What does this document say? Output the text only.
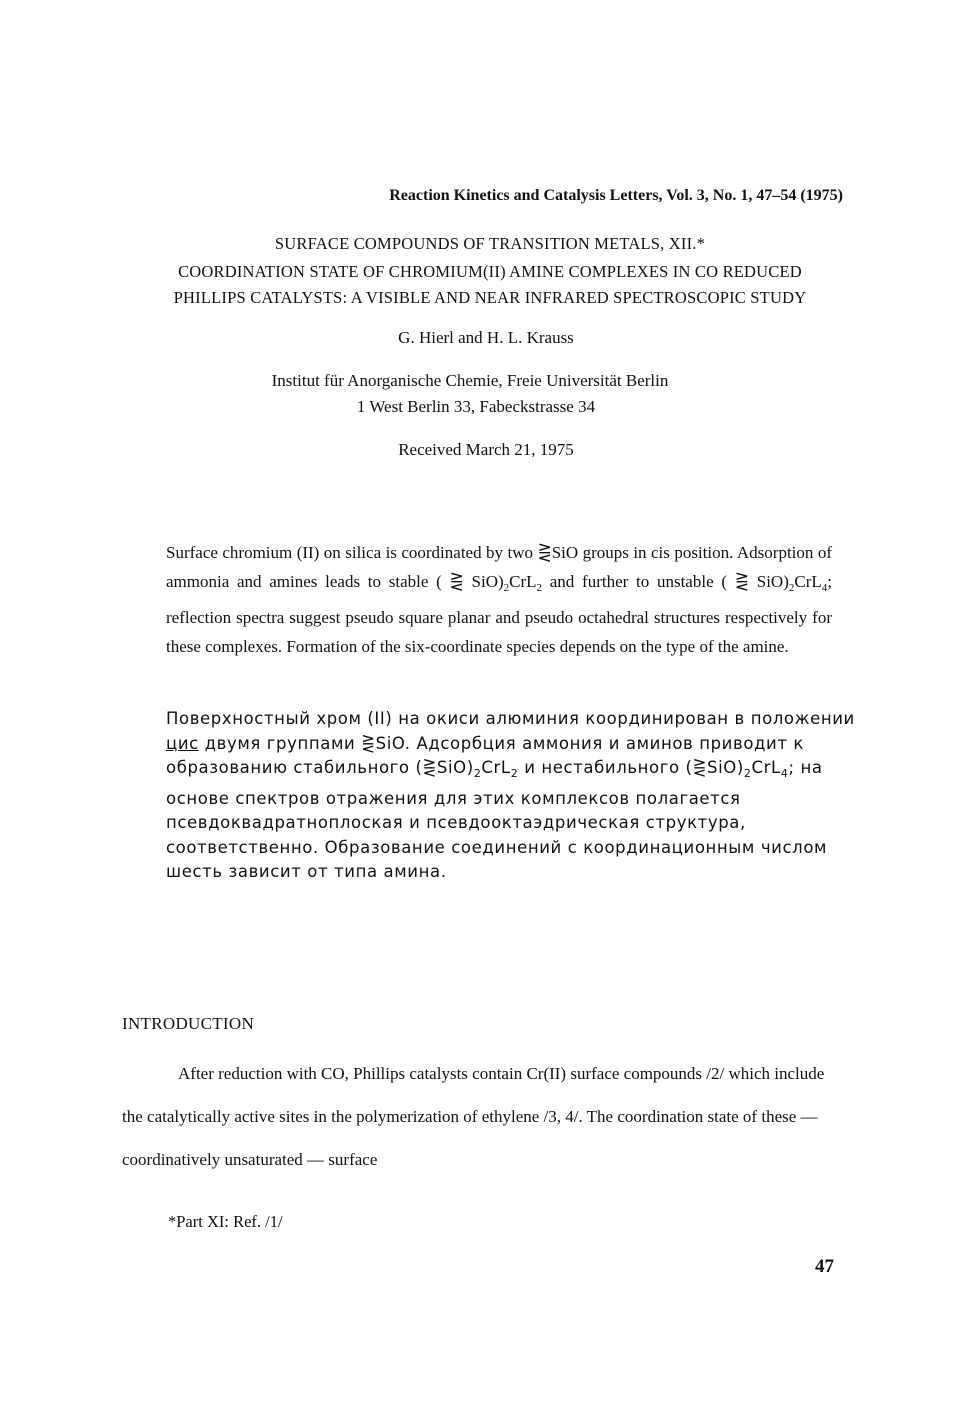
Reaction Kinetics and Catalysis Letters, Vol. 3, No. 1, 47–54 (1975)
SURFACE COMPOUNDS OF TRANSITION METALS, XII.*
COORDINATION STATE OF CHROMIUM(II) AMINE COMPLEXES IN CO REDUCED
PHILLIPS CATALYSTS: A VISIBLE AND NEAR INFRARED SPECTROSCOPIC STUDY
G. Hierl and H. L. Krauss
Institut für Anorganische Chemie, Freie Universität Berlin
1 West Berlin 33, Fabeckstrasse 34
Received March 21, 1975

Surface chromium (II) on silica is coordinated by two ⋛SiO groups in cis position. Adsorption of ammonia and amines leads to stable ( ⋛ $SiO)_2CrL_2$ and further to unstable ( ⋛ $SiO)_2CrL_4$; reflection spectra suggest pseudo square planar and pseudo octahedral structures respectively for these complexes. Formation of the six-coordinate species depends on the type of the amine.

Поверхностный хром (II) на окиси алюминия координирован в положении цис двумя группами ⋛SiO. Адсорбция аммония и аминов приводит к образованию стабильного $(⋛SiO)_2CrL_2$ и нестабильного $(⋛SiO)_2CrL_4$; на основе спектров отражения для этих комплексов полагается псевдоквадратноплоская и псевдооктаэдрическая структура, соответственно. Образование соединений с координационным числом шесть зависит от типа амина.

INTRODUCTION

After reduction with CO, Phillips catalysts contain Cr(II) surface compounds /2/ which include the catalytically active sites in the polymerization of ethylene /3, 4/. The coordination state of these — coordinatively unsaturated — surface

*Part XI: Ref. /1/
47
